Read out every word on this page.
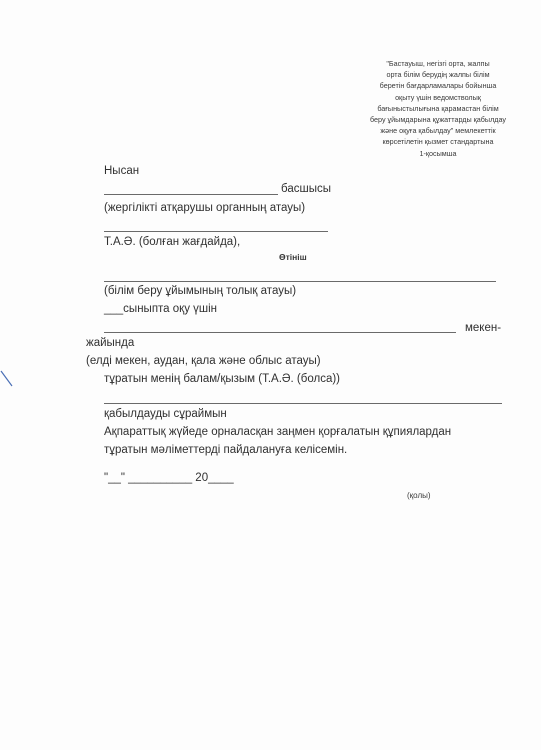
"Бастауыш, негізгі орта, жалпы
орта білім берудің жалпы білім
беретін бағдарламалары бойынша
оқыту үшін ведомстволық
бағыныстылығына қарамастан білім
беру ұйымдарына құжаттарды қабылдау
және оқуға қабылдау" мемлекеттік
көрсетілетін қызмет стандартына
1-қосымша
Нысан
басшысы
(жергілікті атқарушы органның атауы)
Т.А.Ә. (болған жағдайда),
Өтініш
(білім беру ұйымының толық атауы)
___сыныпта оқу үшін
мекен-
жайында
(елді мекен, аудан, қала және облыс атауы)
тұратын менің балам/қызым (Т.А.Ә. (болса))
қабылдауды сұраймын
Ақпараттық жүйеде орналасқан заңмен қорғалатын құпиялардан
тұратын мәліметтерді пайдалануға келісемін.
"__" __________ 20____
(қолы)
